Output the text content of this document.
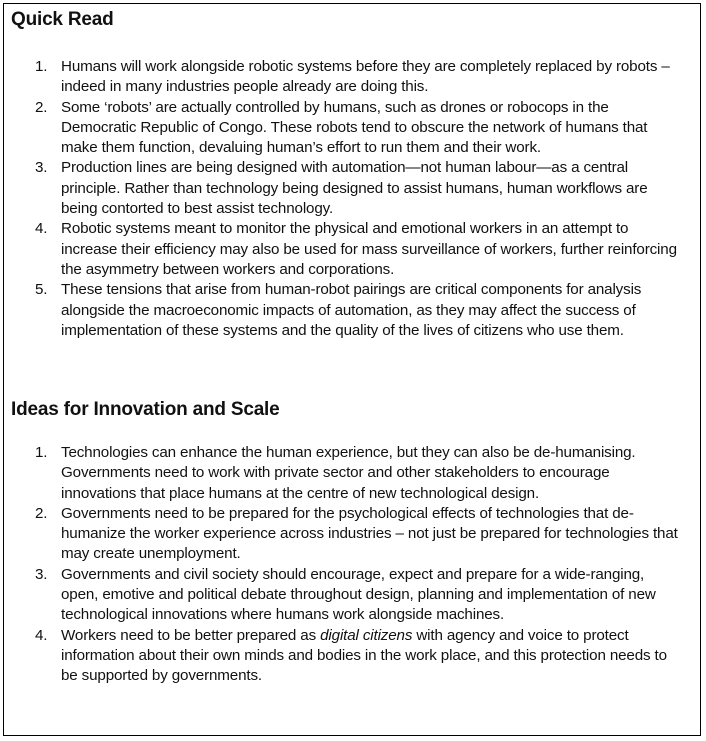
Quick Read
1. Humans will work alongside robotic systems before they are completely replaced by robots – indeed in many industries people already are doing this.
2. Some ‘robots’ are actually controlled by humans, such as drones or robocops in the Democratic Republic of Congo. These robots tend to obscure the network of humans that make them function, devaluing human’s effort to run them and their work.
3. Production lines are being designed with automation—not human labour—as a central principle. Rather than technology being designed to assist humans, human workflows are being contorted to best assist technology.
4. Robotic systems meant to monitor the physical and emotional workers in an attempt to increase their efficiency may also be used for mass surveillance of workers, further reinforcing the asymmetry between workers and corporations.
5. These tensions that arise from human-robot pairings are critical components for analysis alongside the macroeconomic impacts of automation, as they may affect the success of implementation of these systems and the quality of the lives of citizens who use them.
Ideas for Innovation and Scale
1. Technologies can enhance the human experience, but they can also be de-humanising. Governments need to work with private sector and other stakeholders to encourage innovations that place humans at the centre of new technological design.
2. Governments need to be prepared for the psychological effects of technologies that de-humanize the worker experience across industries – not just be prepared for technologies that may create unemployment.
3. Governments and civil society should encourage, expect and prepare for a wide-ranging, open, emotive and political debate throughout design, planning and implementation of new technological innovations where humans work alongside machines.
4. Workers need to be better prepared as digital citizens with agency and voice to protect information about their own minds and bodies in the work place, and this protection needs to be supported by governments.
